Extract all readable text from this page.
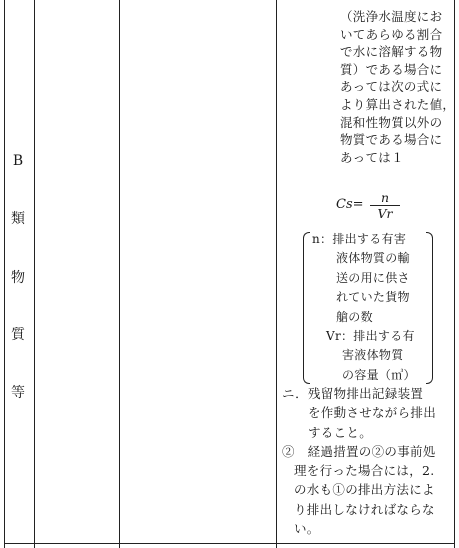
B
類
物
質
等
（洗浄水温度にお
いてあらゆる割合
で水に溶解する物
質）である場合に
あっては次の式に
より算出された値，
混和性物質以外の
物質である場合に
あっては１
Cs=	n
Vr
n：排出する有害
液体物質の輸
送の用に供さ
れていた貨物
艙の数
Vr：排出する有
害液体物質
の容量（㎥）
ニ．残留物排出記録装置
を作動させながら排出
すること。
②　経過措置の②の事前処
理を行った場合には，2.
の水も①の排出方法によ
り排出しなければならな
い。
